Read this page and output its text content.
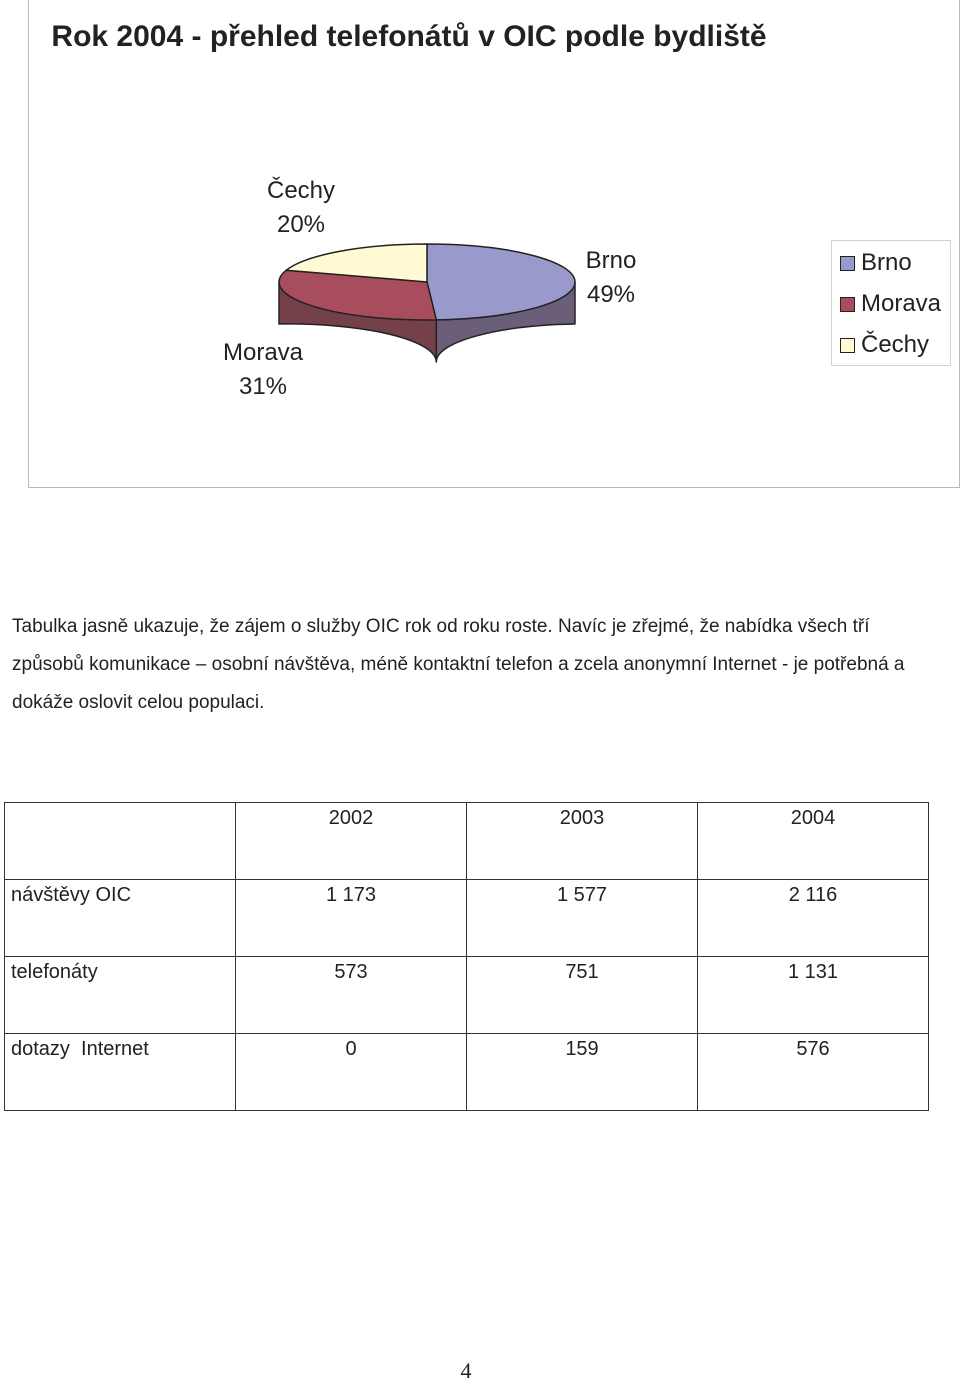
Rok 2004 - přehled telefonátů v OIC podle bydliště
Čechy
20%
Brno
49%
Morava
31%
Brno
Morava
Čechy
Tabulka jasně ukazuje, že zájem o služby OIC rok od roku roste. Navíc je zřejmé, že nabídka všech tří způsobů komunikace – osobní návštěva, méně kontaktní telefon a zcela anonymní Internet - je potřebná a dokáže oslovit celou populaci.

	2002	2003	2004

návštěvy OIC	1 173	1 577	2 116

telefonáty	573	751	1 131

dotazy  Internet	0	159	576
4
